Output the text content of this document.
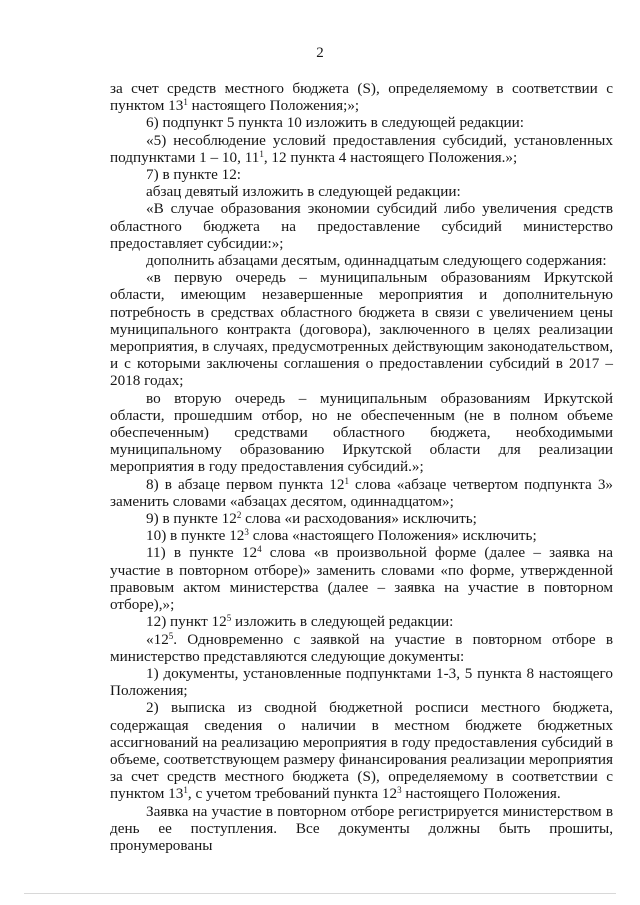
2

за счет средств местного бюджета (S), определяемому в соответствии с пунктом $13^1$ настоящего Положения;»;

6) подпункт 5 пункта 10 изложить в следующей редакции:

«5) несоблюдение условий предоставления субсидий, установленных подпунктами 1 – 10, $11^1$, 12 пункта 4 настоящего Положения.»;

7) в пункте 12:

абзац девятый изложить в следующей редакции:

«В случае образования экономии субсидий либо увеличения средств областного бюджета на предоставление субсидий министерство предоставляет субсидии:»;

дополнить абзацами десятым, одиннадцатым следующего содержания:

«в первую очередь – муниципальным образованиям Иркутской области, имеющим незавершенные мероприятия и дополнительную потребность в средствах областного бюджета в связи с увеличением цены муниципального контракта (договора), заключенного в целях реализации мероприятия, в случаях, предусмотренных действующим законодательством, и с которыми заключены соглашения о предоставлении субсидий в 2017 – 2018 годах;

во вторую очередь – муниципальным образованиям Иркутской области, прошедшим отбор, но не обеспеченным (не в полном объеме обеспеченным) средствами областного бюджета, необходимыми муниципальному образованию Иркутской области для реализации мероприятия в году предоставления субсидий.»;

8) в абзаце первом пункта $12^1$ слова «абзаце четвертом подпункта 3» заменить словами «абзацах десятом, одиннадцатом»;

9) в пункте $12^2$ слова «и расходования» исключить;

10) в пункте $12^3$ слова «настоящего Положения» исключить;

11) в пункте $12^4$ слова «в произвольной форме (далее – заявка на участие в повторном отборе)» заменить словами «по форме, утвержденной правовым актом министерства (далее – заявка на участие в повторном отборе),»;

12) пункт $12^5$ изложить в следующей редакции:

«$12^5$. Одновременно с заявкой на участие в повторном отборе в министерство представляются следующие документы:

1) документы, установленные подпунктами 1-3, 5 пункта 8 настоящего Положения;

2) выписка из сводной бюджетной росписи местного бюджета, содержащая сведения о наличии в местном бюджете бюджетных ассигнований на реализацию мероприятия в году предоставления субсидий в объеме, соответствующем размеру финансирования реализации мероприятия за счет средств местного бюджета (S), определяемому в соответствии с пунктом $13^1$, с учетом требований пункта $12^3$ настоящего Положения.

Заявка на участие в повторном отборе регистрируется министерством в день ее поступления. Все документы должны быть прошиты, пронумерованы
